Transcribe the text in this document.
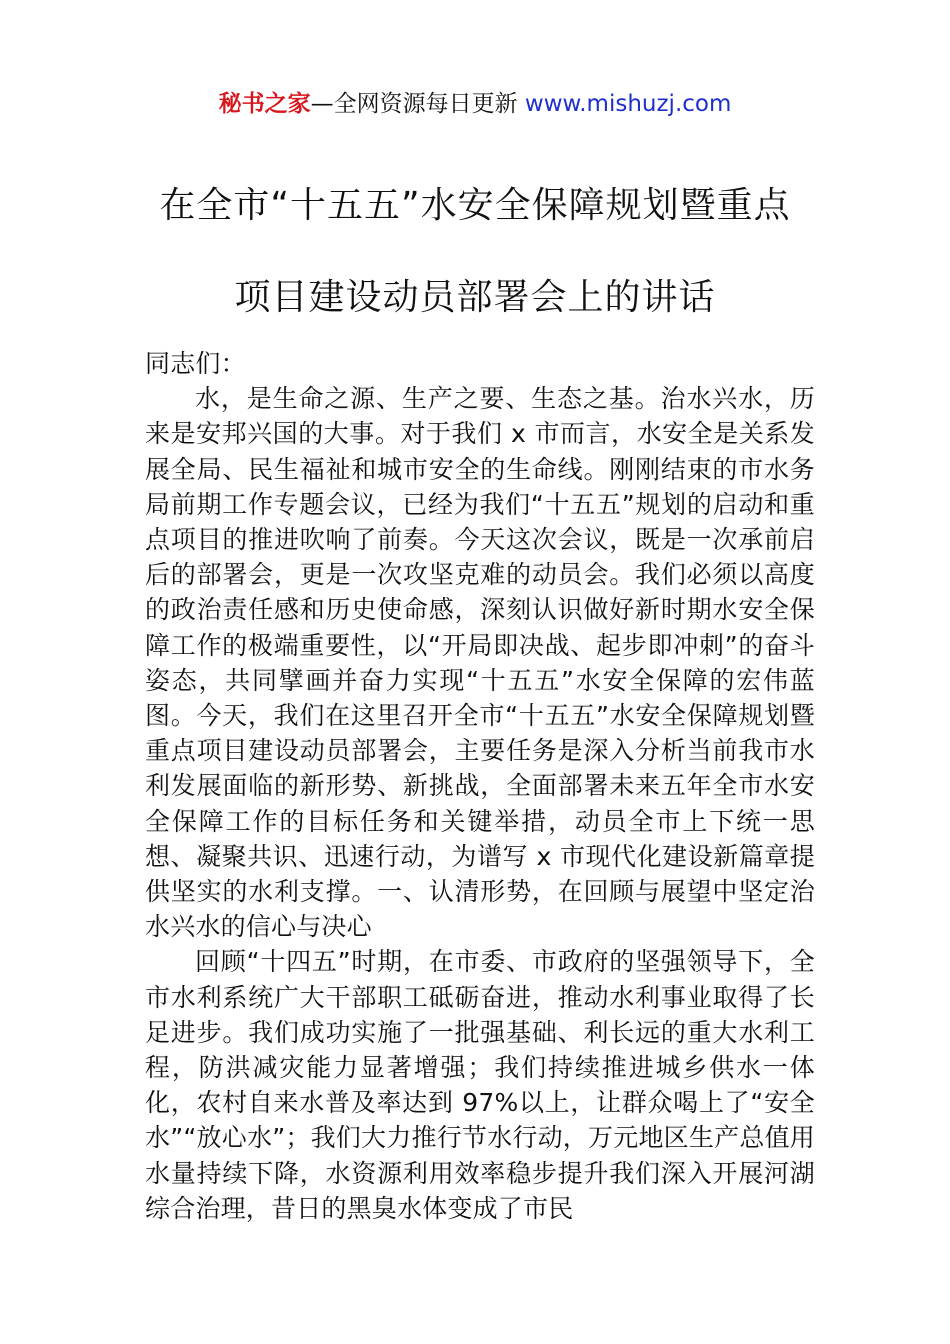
秘书之家—全网资源每日更新 www.mishuzj.com
在全市“十五五”水安全保障规划暨重点
项目建设动员部署会上的讲话

同志们：

水，是生命之源、生产之要、生态之基。治水兴水，历来是安邦兴国的大事。对于我们 x 市而言，水安全是关系发展全局、民生福祉和城市安全的生命线。刚刚结束的市水务局前期工作专题会议，已经为我们“十五五”规划的启动和重点项目的推进吹响了前奏。今天这次会议，既是一次承前启后的部署会，更是一次攻坚克难的动员会。我们必须以高度的政治责任感和历史使命感，深刻认识做好新时期水安全保障工作的极端重要性，以“开局即决战、起步即冲刺”的奋斗姿态，共同擘画并奋力实现“十五五”水安全保障的宏伟蓝图。今天，我们在这里召开全市“十五五”水安全保障规划暨重点项目建设动员部署会，主要任务是深入分析当前我市水利发展面临的新形势、新挑战，全面部署未来五年全市水安全保障工作的目标任务和关键举措，动员全市上下统一思想、凝聚共识、迅速行动，为谱写 x 市现代化建设新篇章提供坚实的水利支撑。一、认清形势，在回顾与展望中坚定治水兴水的信心与决心

回顾“十四五”时期，在市委、市政府的坚强领导下，全市水利系统广大干部职工砥砺奋进，推动水利事业取得了长足进步。我们成功实施了一批强基础、利长远的重大水利工程，防洪减灾能力显著增强；我们持续推进城乡供水一体化，农村自来水普及率达到 97%以上，让群众喝上了“安全水”“放心水”；我们大力推行节水行动，万元地区生产总值用水量持续下降，水资源利用效率稳步提升我们深入开展河湖综合治理，昔日的黑臭水体变成了市民
